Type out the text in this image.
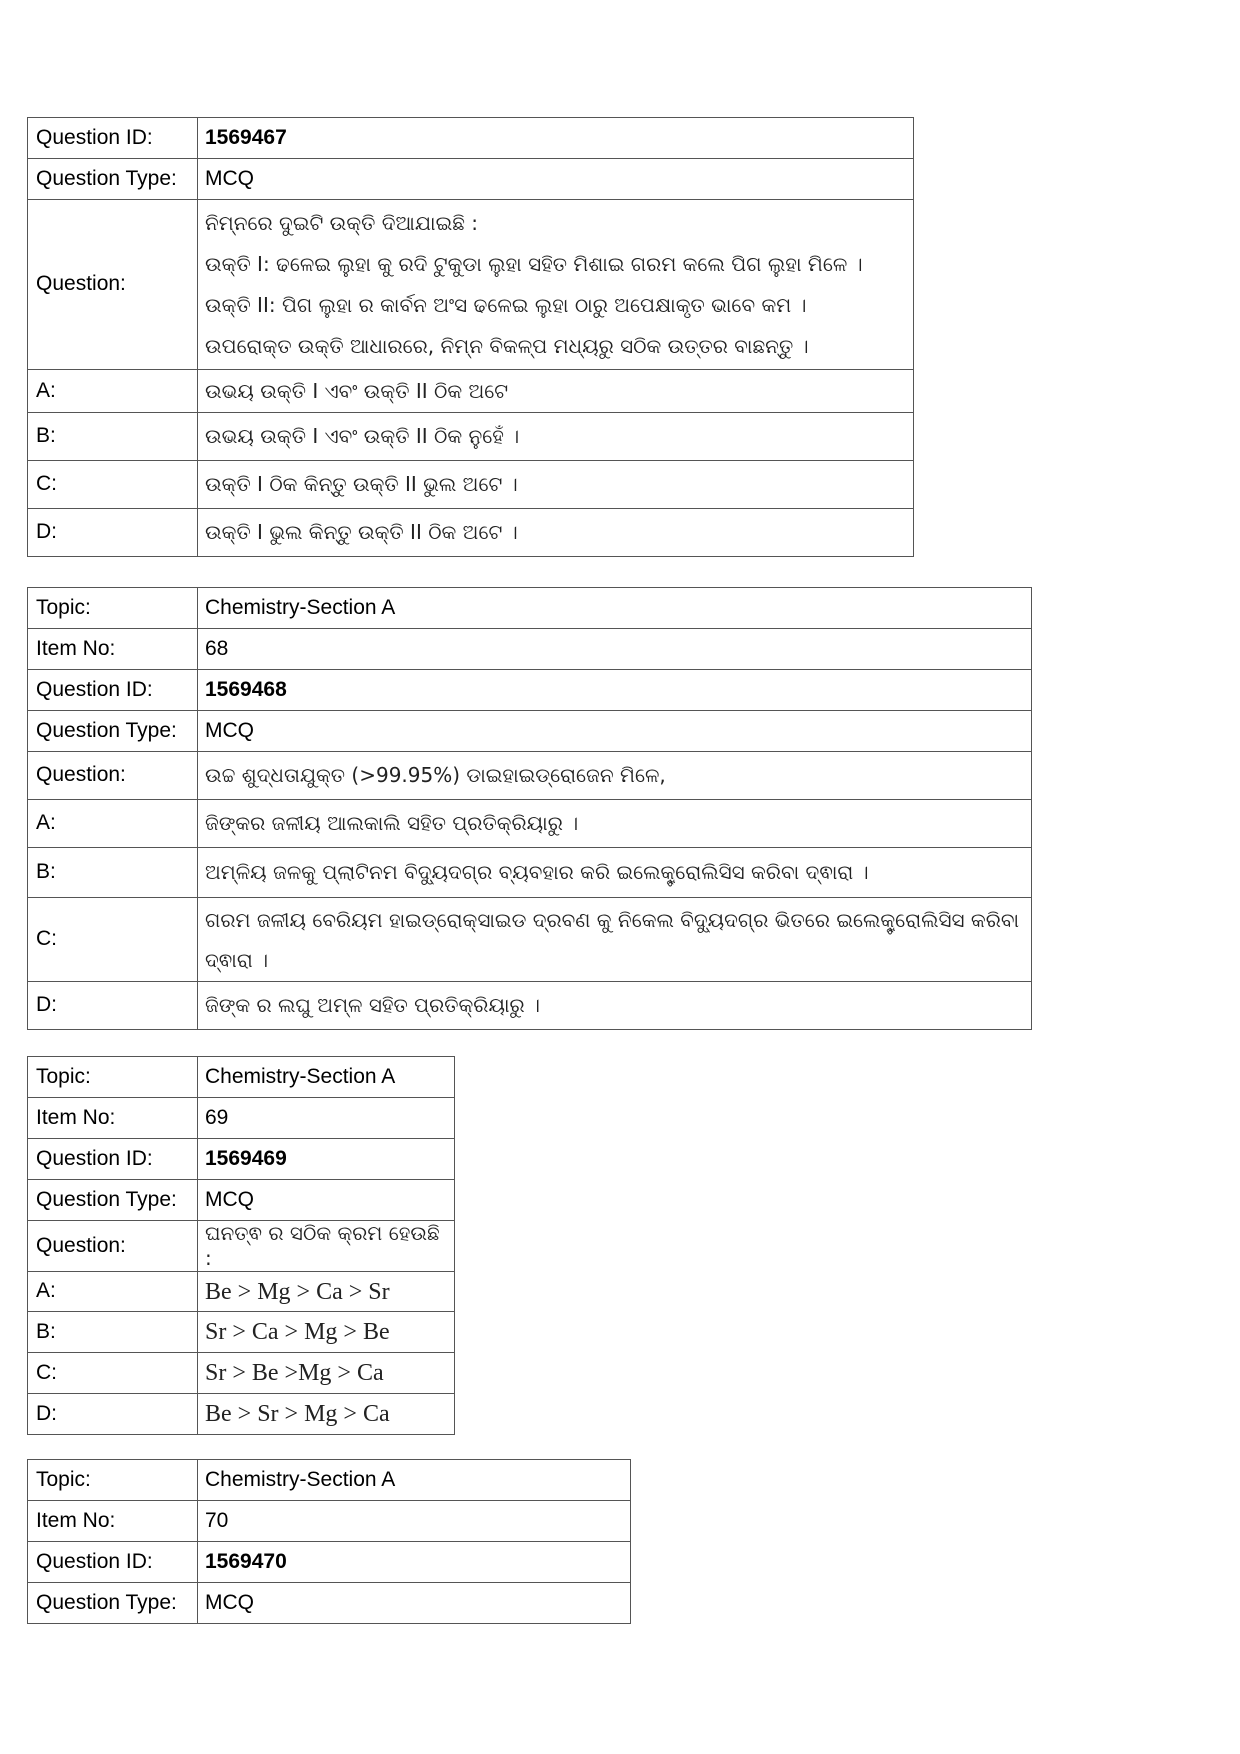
Question ID:	1569467
Question Type:	MCQ
Question:	ନିମ୍ନରେ ଦୁଇଟି ଉକ୍ତି ଦିଆଯାଇଛି :
ଉକ୍ତି I: ଢଳେଇ ଲୁହା କୁ ରଦି ଟୁକୁଡା ଲୁହା ସହିତ ମିଶାଇ ଗରମ କଲେ ପିଗ ଲୁହା ମିଳେ ।
ଉକ୍ତି II: ପିଗ ଲୁହା ର କାର୍ବନ ଅଂସ ଢଳେଇ ଲୁହା ଠାରୁ ଅପେକ୍ଷାକୃତ ଭାବେ କମ ।
ଉପରୋକ୍ତ ଉକ୍ତି ଆଧାରରେ, ନିମ୍ନ ବିକଳ୍ପ ମଧ୍ୟରୁ ସଠିକ ଉତ୍ତର ବାଛନ୍ତୁ ।

A:	ଉଭୟ ଉକ୍ତି I ଏବଂ ଉକ୍ତି II ଠିକ ଅଟେ
B:	ଉଭୟ ଉକ୍ତି I ଏବଂ ଉକ୍ତି II ଠିକ ନୁହେଁ ।
C:	ଉକ୍ତି I ଠିକ କିନ୍ତୁ ଉକ୍ତି II ଭୁଲ ଅଟେ ।
D:	ଉକ୍ତି I ଭୁଲ କିନ୍ତୁ ଉକ୍ତି II ଠିକ ଅଟେ ।
Topic:	Chemistry-Section A
Item No:	68
Question ID:	1569468
Question Type:	MCQ
Question:	ଉଚ୍ଚ ଶୁଦ୍ଧତାଯୁକ୍ତ (>99.95%) ଡାଇହାଇଡ୍ରୋଜେନ ମିଳେ,
A:	ଜିଙ୍କର ଜଳୀୟ ଆଲକାଲି ସହିତ ପ୍ରତିକ୍ରିୟାରୁ ।
B:	ଅମ୍ଳିୟ ଜଳକୁ ପ୍ଲାଟିନମ ବିଦ୍ୟୁଦଗ୍ର ବ୍ୟବହାର କରି ଇଲେକ୍ଟ୍ରୋଲିସିସ କରିବା ଦ୍ଵାରା ।
C:	ଗରମ ଜଳୀୟ ବେରିୟମ ହାଇଡ୍ରୋକ୍ସାଇଡ ଦ୍ରବଣ କୁ ନିକେଲ ବିଦ୍ୟୁଦଗ୍ର ଭିତରେ ଇଲେକ୍ଟ୍ରୋଲିସିସ କରିବା
ଦ୍ଵାରା ।

D:	ଜିଙ୍କ ର ଲଘୁ ଅମ୍ଳ ସହିତ ପ୍ରତିକ୍ରିୟାରୁ ।
Topic:	Chemistry-Section A
Item No:	69
Question ID:	1569469
Question Type:	MCQ
Question:	ଘନତ୍ଵ ର ସଠିକ କ୍ରମ ହେଉଛି :
A:	Be > Mg > Ca > Sr
B:	Sr > Ca > Mg > Be
C:	Sr > Be >Mg > Ca
D:	Be > Sr > Mg > Ca
Topic:	Chemistry-Section A
Item No:	70
Question ID:	1569470
Question Type:	MCQ
